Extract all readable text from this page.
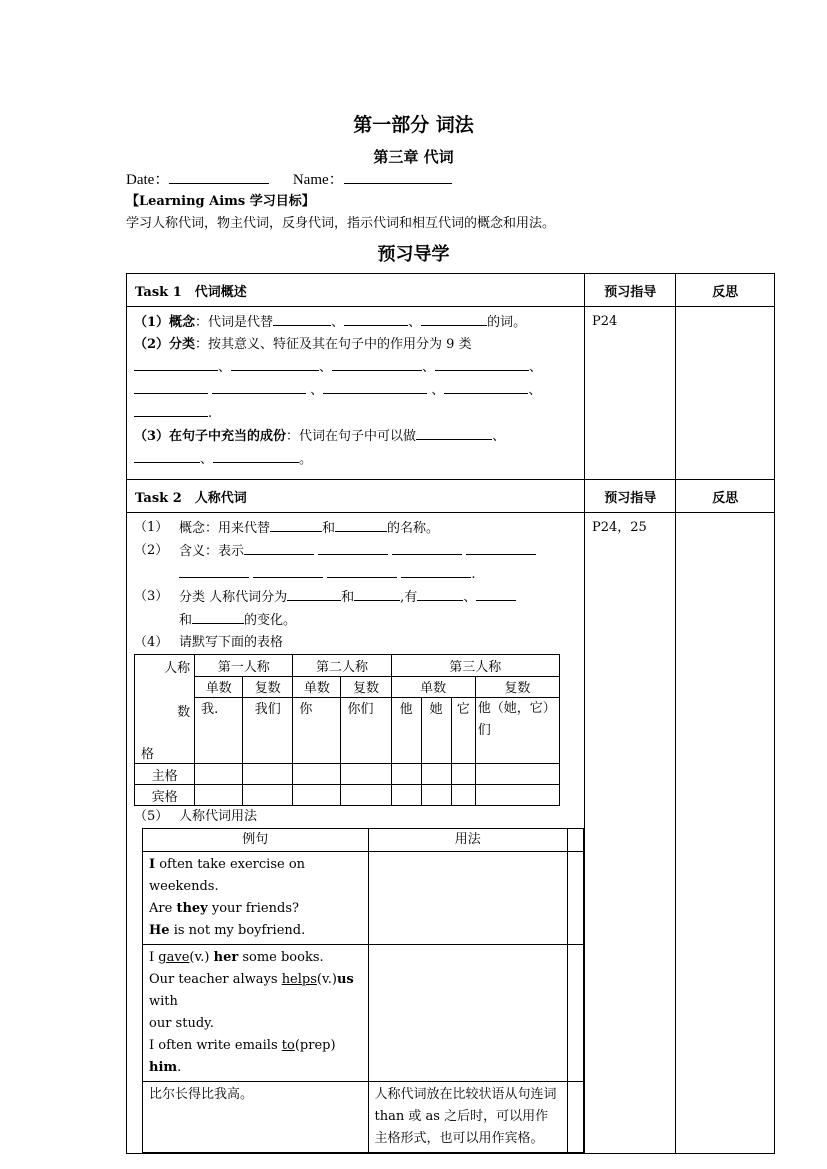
第一部分 词法
第三章 代词
Date：	Name：
【Learning Aims 学习目标】
学习人称代词，物主代词，反身代词，指示代词和相互代词的概念和用法。
预习导学
Task 1　代词概述	预习指导	反思

（1）概念：代词是代替	、	、	的词。
（2）分类：按其意义、特征及其在句子中的作用分为 9 类
、	、	、	、
、	、	、
.
（3）在句子中充当的成份：代词在句子中可以做	、
、	。

P24

Task 2　人称代词	预习指导	反思

（1） 概念：用来代替	和	的名称。
（2） 含义：表示
.
（3） 分类 人称代词分为	和	,有	、
和	的变化。
（4） 请默写下面的表格
人称
数
格
	第一人称	第二人称	第三人称
单数	复数	单数	复数	单数	复数
我.	我们	你	你们	他	她	它	他（她，它）们
主格								
宾格								
（5） 人称代词用法
例句	用法	

I often take exercise on weekends.
Are they your friends?
He is not my boyfriend.

I gave(v.) her some books.
Our teacher always helps(v.)us with
our study.
I often write emails to(prep) him.

比尔长得比我高。	人称代词放在比较状语从句连词 than 或 as 之后时，可以用作主格形式，也可以用作宾格。	

P24，25
